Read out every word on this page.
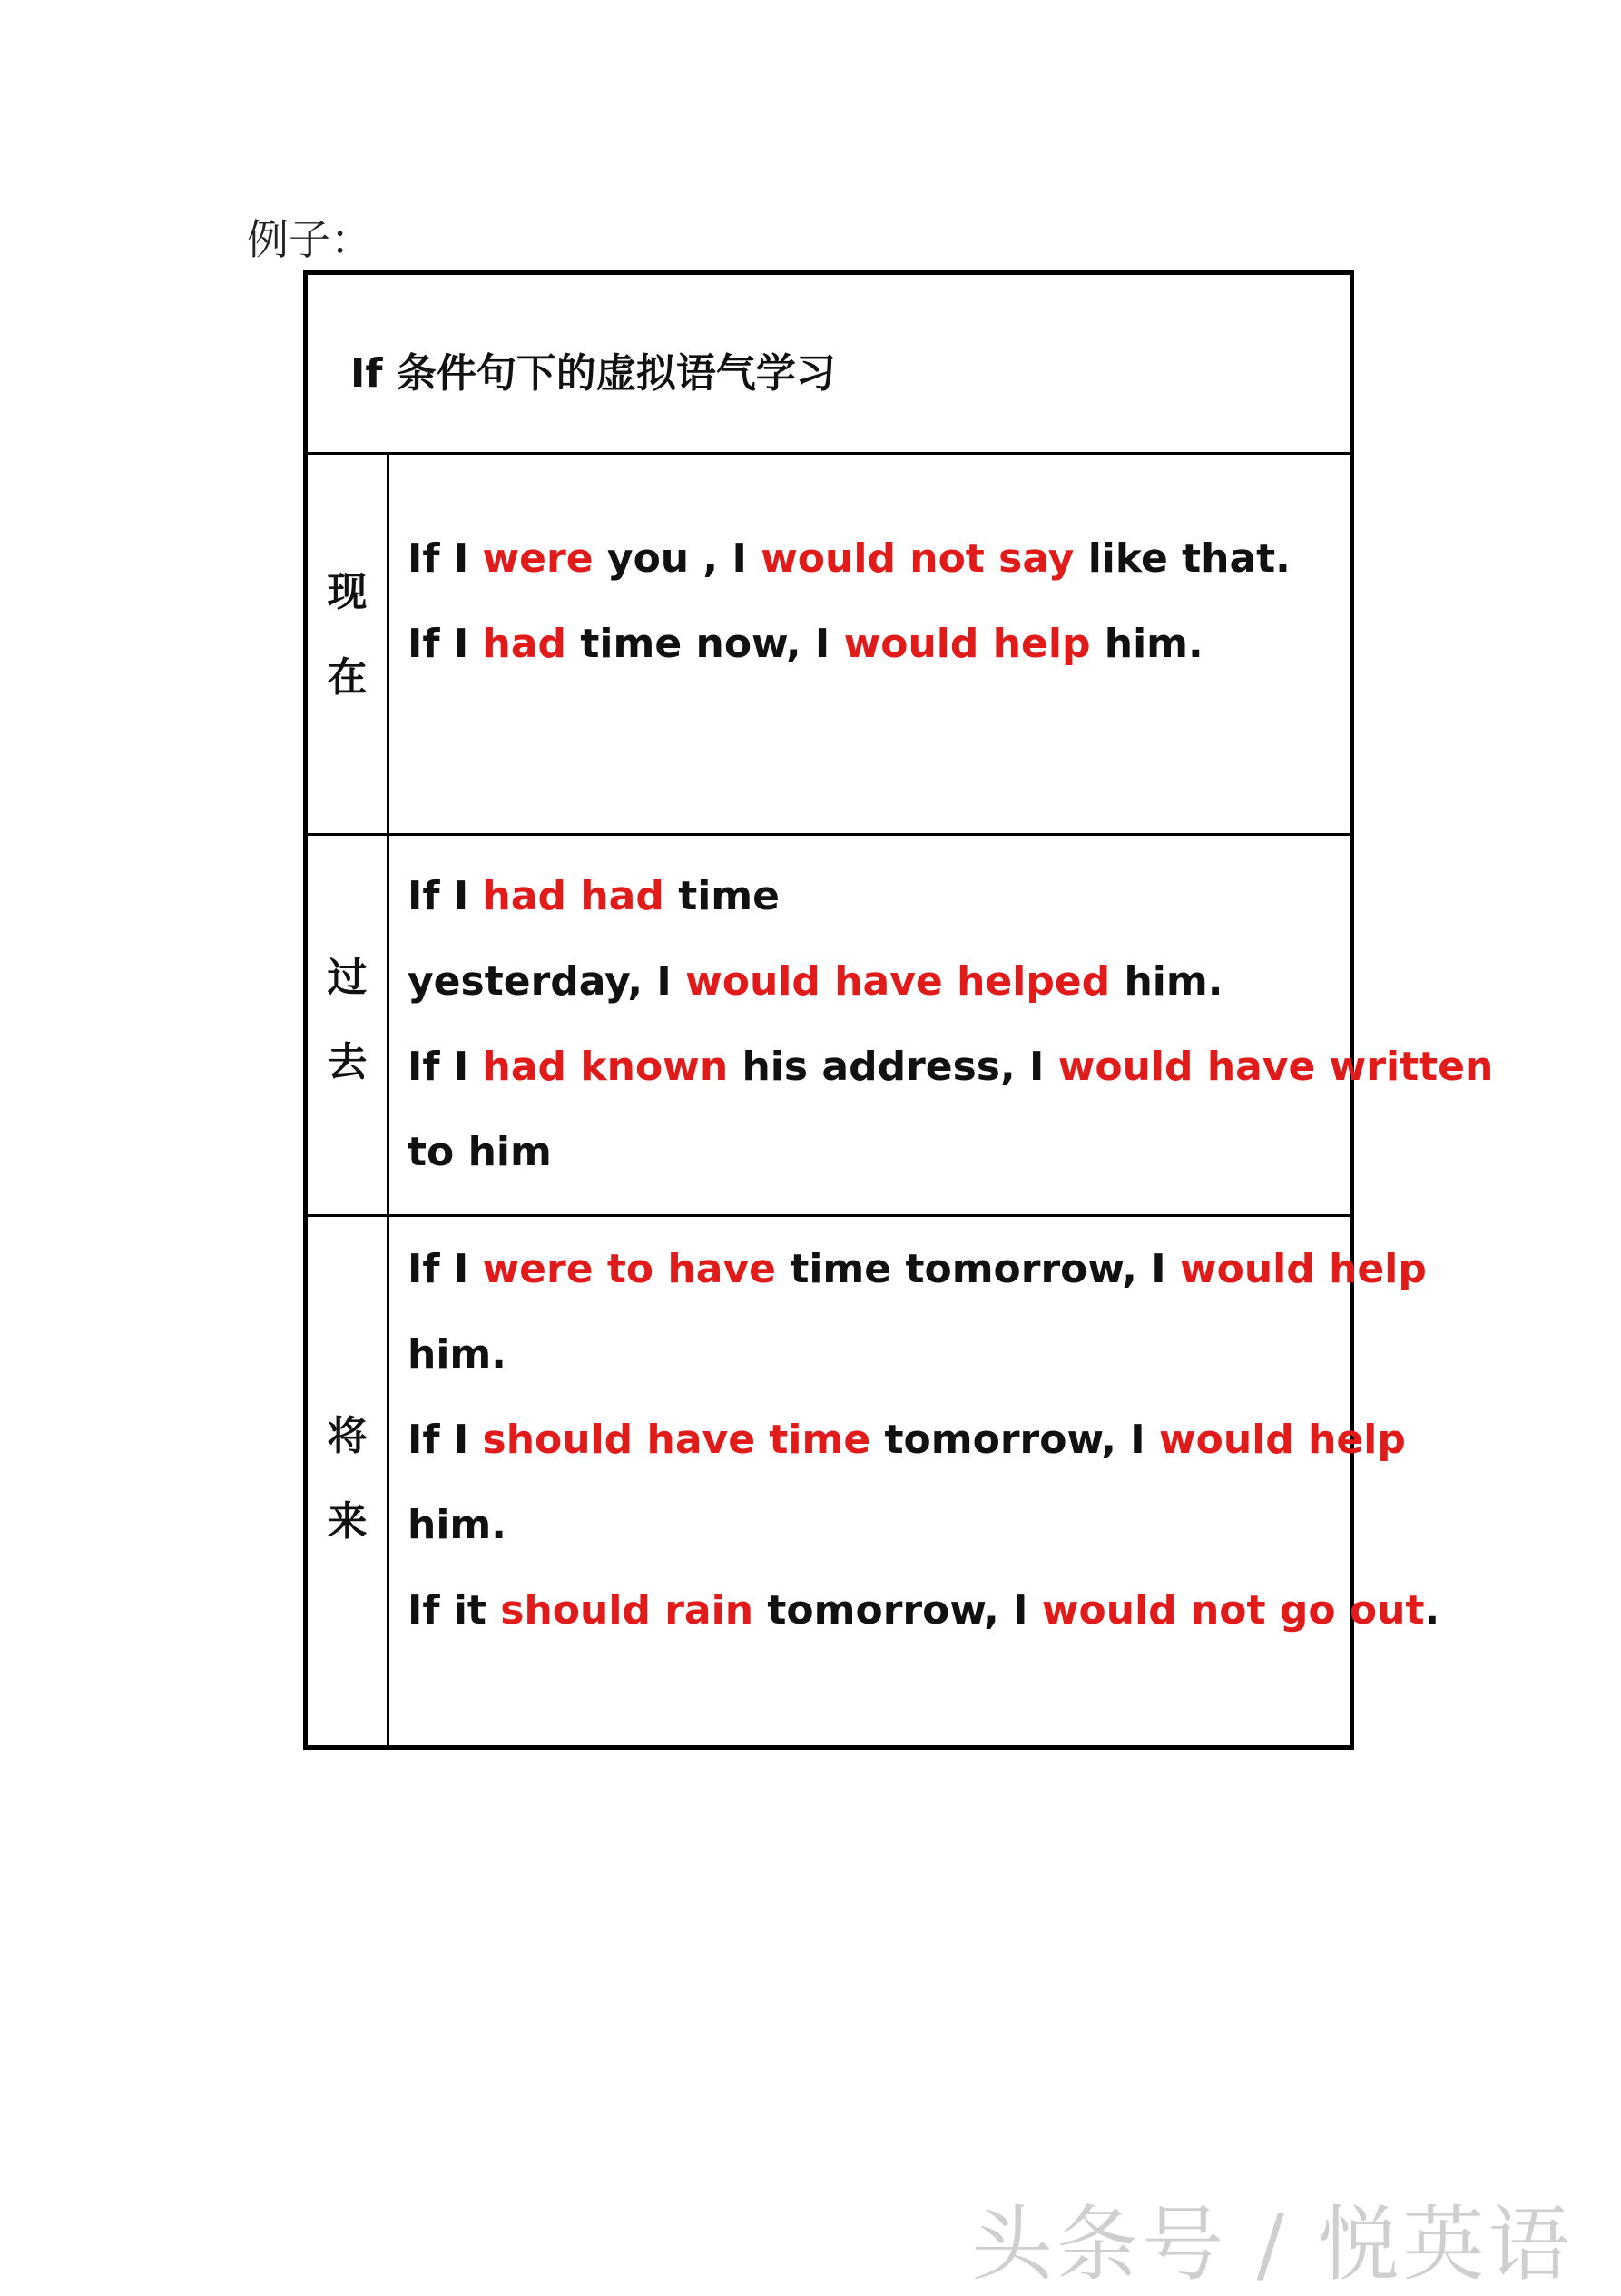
例子：
If 条件句下的虚拟语气学习
现
在
If I were you , I would not say like that.
If I had time now, I would help him.
过
去
If I had had time
yesterday, I would have helped him.
If I had known his address, I would have written
to him
将
来
If I were to have time tomorrow, I would help
him.
If I should have time tomorrow, I would help
him.
If it should rain tomorrow, I would not go out.
头条号 / 悦英语
